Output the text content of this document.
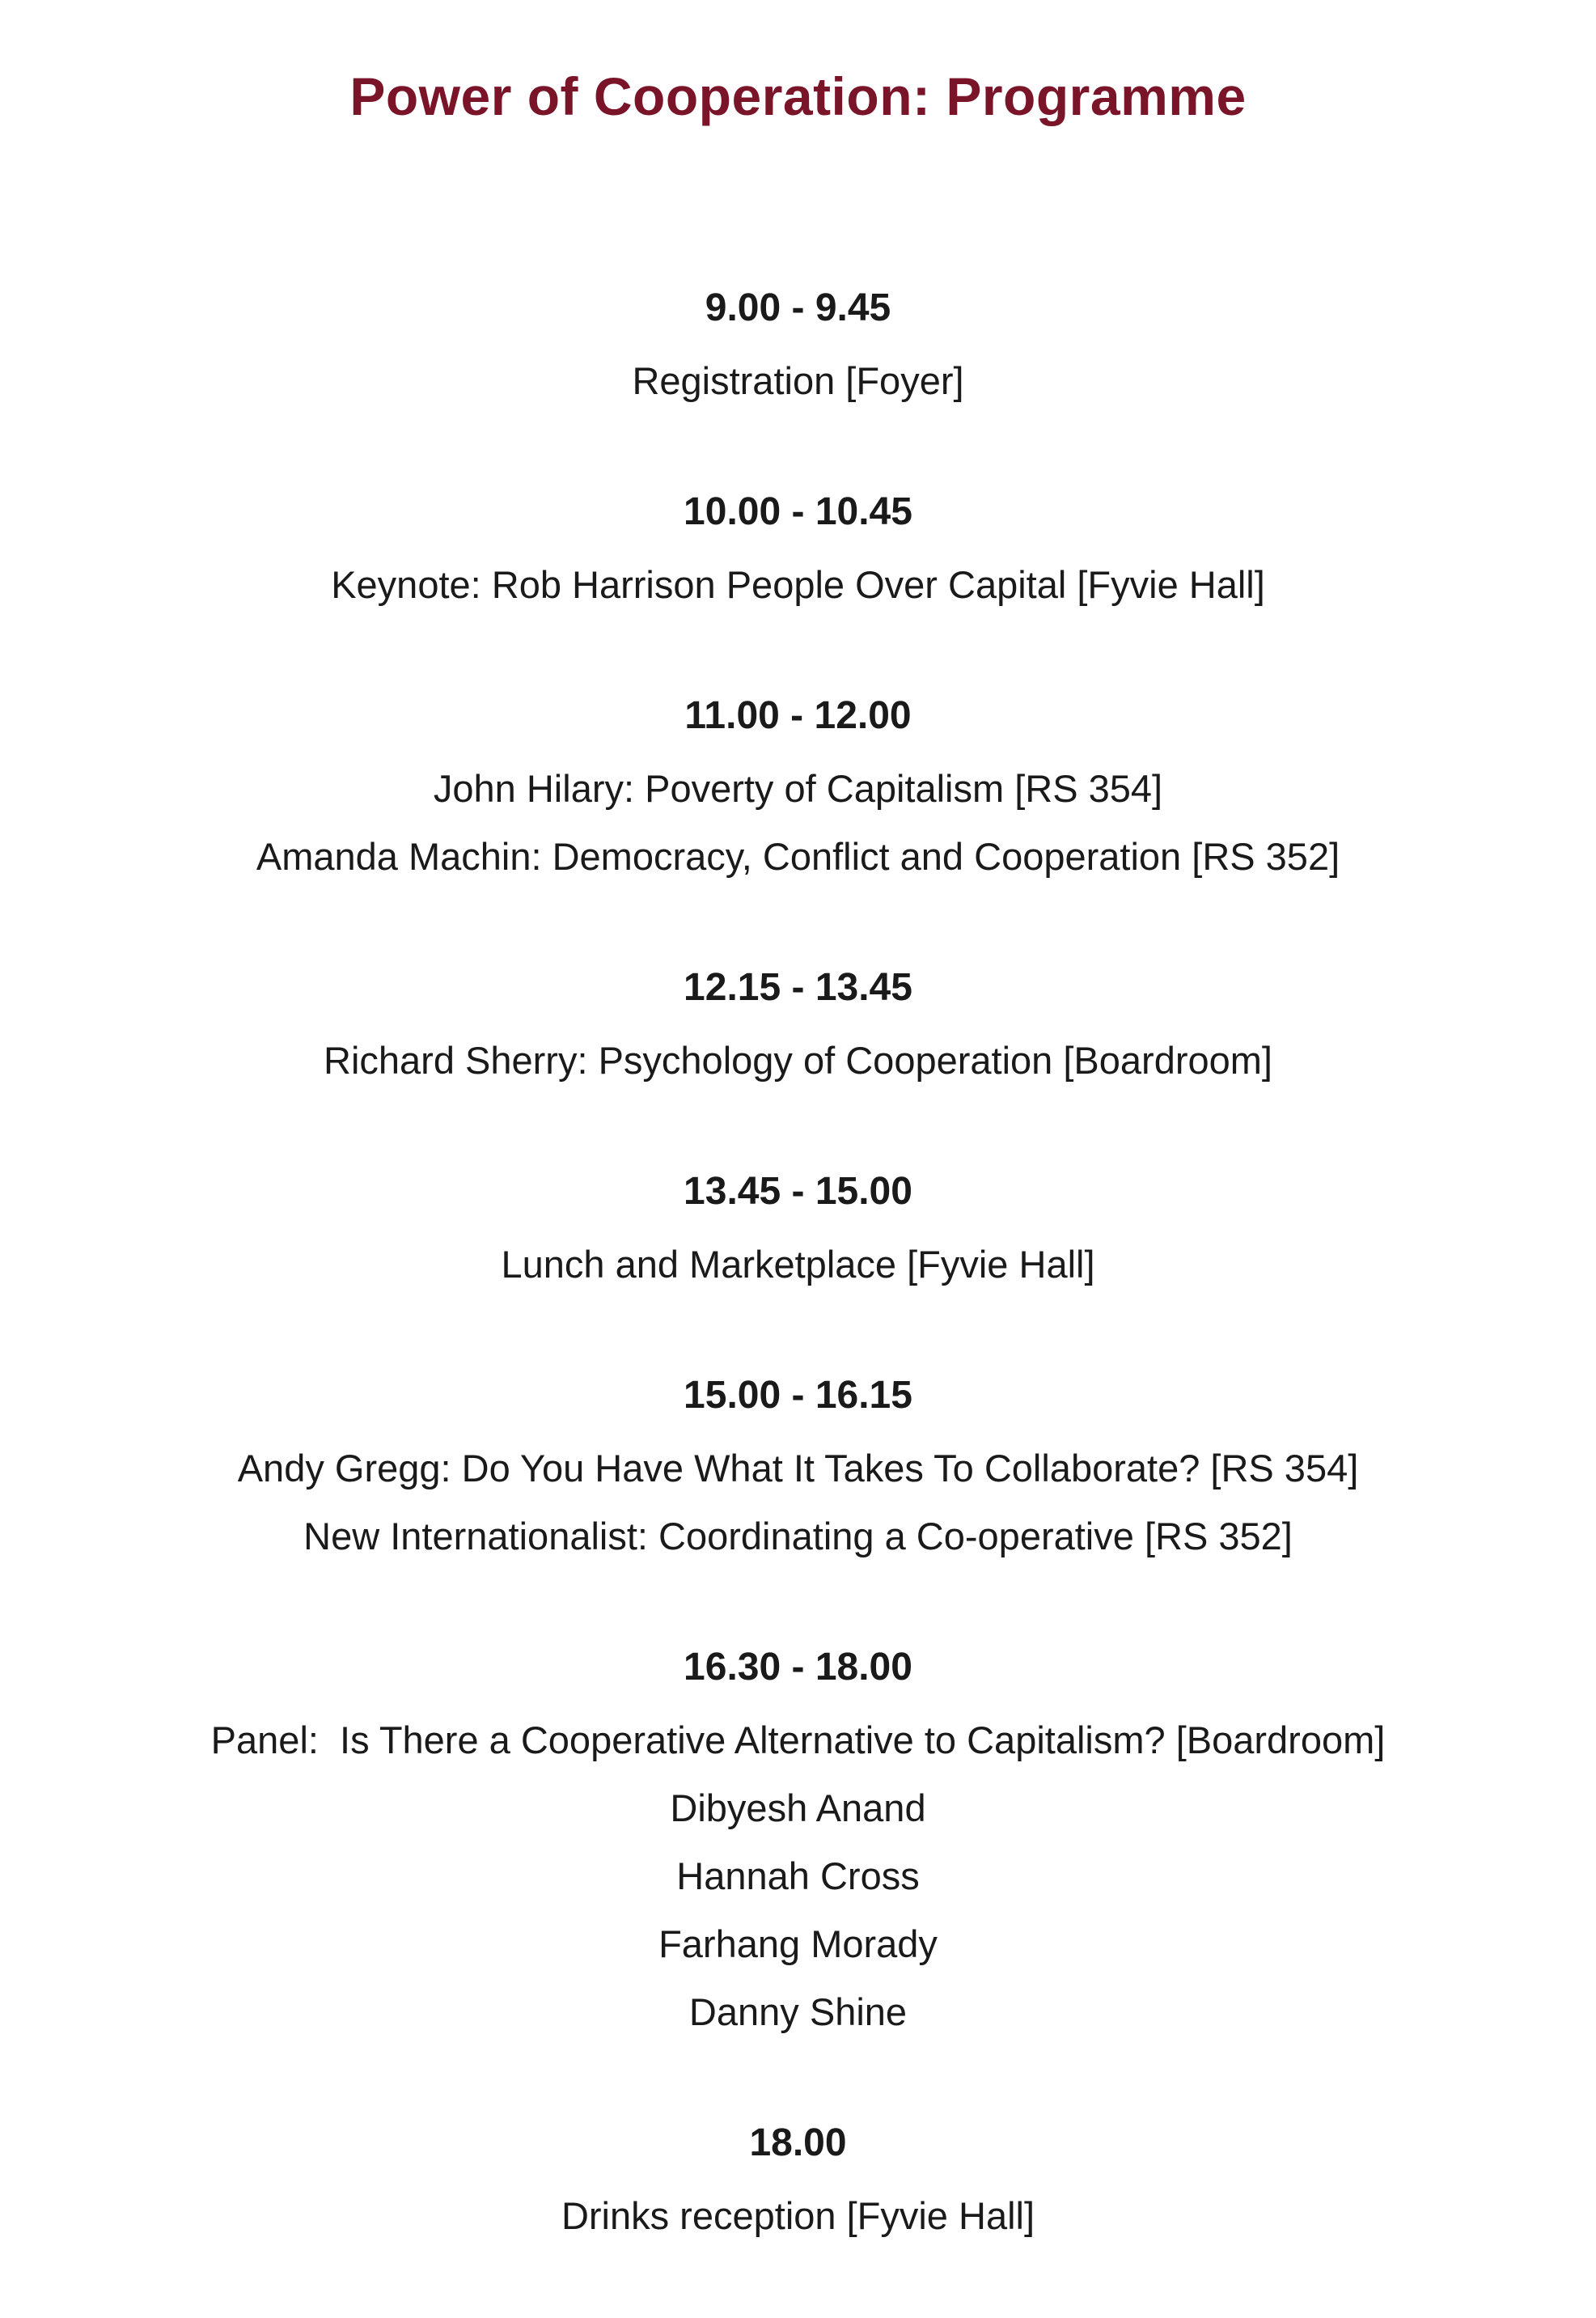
Power of Cooperation: Programme
9.00 - 9.45
Registration [Foyer]
10.00 - 10.45
Keynote: Rob Harrison People Over Capital [Fyvie Hall]
11.00 - 12.00
John Hilary: Poverty of Capitalism [RS 354]
Amanda Machin: Democracy, Conflict and Cooperation [RS 352]
12.15 - 13.45
Richard Sherry: Psychology of Cooperation [Boardroom]
13.45 - 15.00
Lunch and Marketplace [Fyvie Hall]
15.00 - 16.15
Andy Gregg: Do You Have What It Takes To Collaborate? [RS 354]
New Internationalist: Coordinating a Co-operative [RS 352]
16.30 - 18.00
Panel:  Is There a Cooperative Alternative to Capitalism? [Boardroom]
Dibyesh Anand
Hannah Cross
Farhang Morady
Danny Shine
18.00
Drinks reception [Fyvie Hall]
